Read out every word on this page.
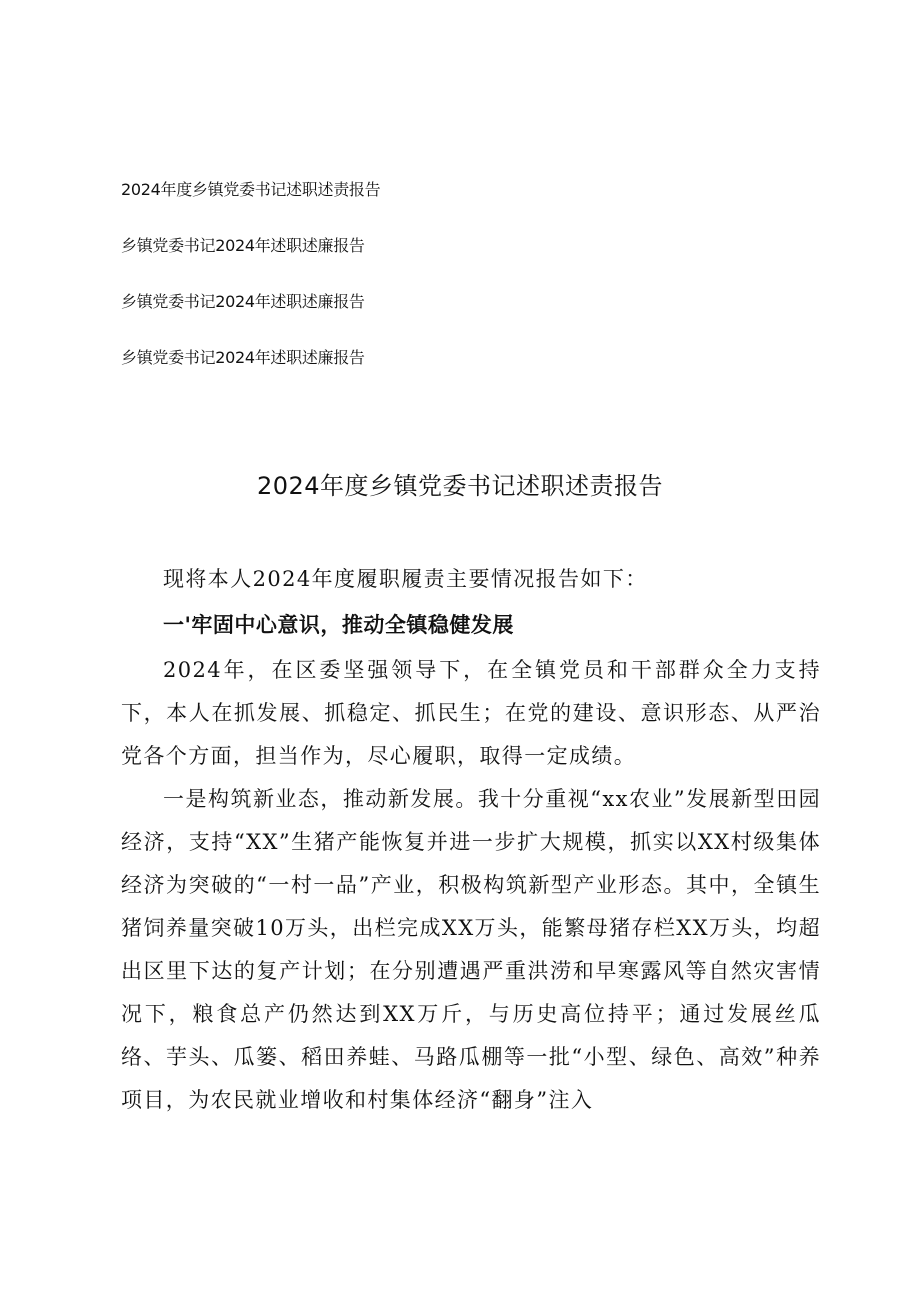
2024年度乡镇党委书记述职述责报告
乡镇党委书记2024年述职述廉报告
乡镇党委书记2024年述职述廉报告
乡镇党委书记2024年述职述廉报告
2024年度乡镇党委书记述职述责报告

现将本人2024年度履职履责主要情况报告如下：

一'牢固中心意识，推动全镇稳健发展

2024年，在区委坚强领导下，在全镇党员和干部群众全力支持下，本人在抓发展、抓稳定、抓民生；在党的建设、意识形态、从严治党各个方面，担当作为，尽心履职，取得一定成绩。

一是构筑新业态，推动新发展。我十分重视“xx农业”发展新型田园经济，支持“XX”生猪产能恢复并进一步扩大规模，抓实以XX村级集体经济为突破的“一村一品”产业，积极构筑新型产业形态。其中，全镇生猪饲养量突破10万头，出栏完成XX万头，能繁母猪存栏XX万头，均超出区里下达的复产计划；在分别遭遇严重洪涝和早寒露风等自然灾害情况下，粮食总产仍然达到XX万斤，与历史高位持平；通过发展丝瓜络、芋头、瓜篓、稻田养蛙、马路瓜棚等一批“小型、绿色、高效”种养项目，为农民就业增收和村集体经济“翻身”注入
